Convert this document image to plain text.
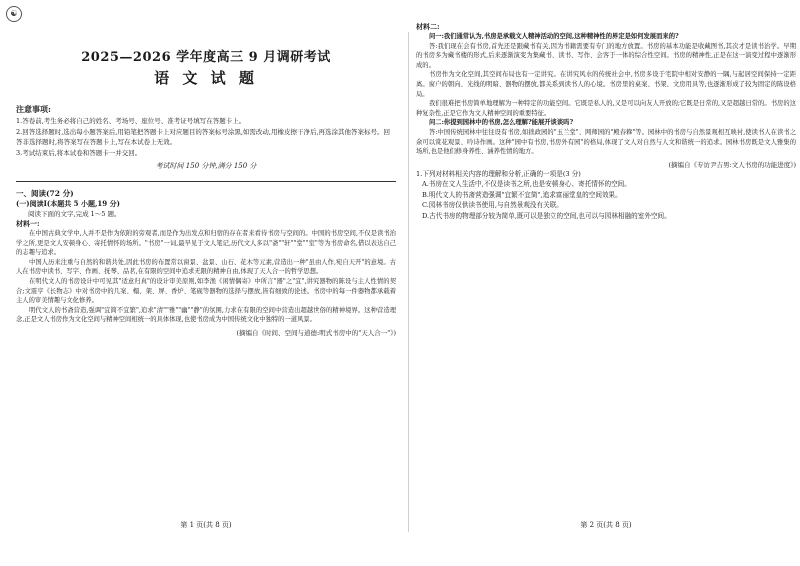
☯
2025—2026 学年度高三 9 月调研考试
语 文 试 题
注意事项:
1.答卷前,考生务必将自己的姓名、考场号、座位号、准考证号填写在答题卡上。
2.回答选择题时,选出每小题答案后,用铅笔把答题卡上对应题目的答案标号涂黑,如需改动,用橡皮擦干净后,再选涂其他答案标号。回答非选择题时,将答案写在答题卡上,写在本试卷上无效。
3.考试结束后,将本试卷和答题卡一并交回。
考试时间 150 分钟,满分 150 分
一、阅读(72 分)
(一)阅读Ⅰ(本题共 5 小题,19 分)
阅读下面的文字,完成 1～5 题。
材料一:

在中国古典文学中,人并不是作为依附的旁观者,而是作为出发点和归宿的存在者来看待书房与空间的。中国的书房空间,不仅是读书治学之所,更是文人安顿身心、寄托情怀的场所。"书房"一词,最早见于文人笔记,历代文人多以"斋""轩""堂""室"等为书房命名,借以表达自己的志趣与追求。

中国人历来注重与自然的和谐共处,因此书房的布置常以窗景、盆景、山石、花木等元素,营造出一种"虽由人作,宛自天开"的意境。古人在书房中读书、写字、作画、抚琴、品茗,在有限的空间中追求无限的精神自由,体现了天人合一的哲学思想。

在明代文人的书房设计中可见其"适意归真"的设计审美原则,如李渔《闲情偶寄》中所言"器"之"宜",讲究器物的陈设与主人性情的契合;文震亨《长物志》中对书房中的几案、榻、架、屏、香炉、笔砚等器物的选择与摆放,皆有细致的论述。书房中的每一件器物都承载着主人的审美情趣与文化修养。

明代文人的书斋营造,强调"宜简不宜繁",追求"清""雅""幽""静"的氛围,力求在有限的空间中营造出超越世俗的精神境界。这种营造理念,正是文人书房作为文化空间与精神空间相统一的具体体现,也使书房成为中国传统文化中独特的一道风景。

(摘编自《时间、空间与道德:明式书房中的"天人合一"》)
材料二:

问一:我们通常认为,书房是承载文人精神活动的空间,这种精神性的界定是如何发展而来的?

答:我们现在会有书房,首先还是跟藏书有关,因为书籍需要有专门的地方放置。书房的基本功能是收藏图书,其次才是读书治学。早期的书房多为藏书楼的形式,后来逐渐演变为集藏书、读书、写作、会客于一体的综合性空间。书房的精神性,正是在这一演变过程中逐渐形成的。

书房作为文化空间,其空间布局也有一定讲究。在讲究风水的传统社会中,书房多设于宅院中相对安静的一隅,与起居空间保持一定距离。窗户的朝向、光线的明暗、器物的摆放,都关系到读书人的心境。书房里的桌案、书架、文房用具等,也逐渐形成了较为固定的陈设格局。

我们很难把书房简单地理解为一种特定的功能空间。它既是私人的,又是可以向友人开放的;它既是日常的,又是超越日常的。书房的这种复杂性,正是它作为文人精神空间的重要特征。

问二:你提到园林中的书房,怎么理解?能展开谈谈吗?

答:中国传统园林中往往设有书房,如拙政园的"玉兰堂"、网师园的"殿春簃"等。园林中的书房与自然景观相互映衬,使读书人在读书之余可以赏花观景、吟诗作画。这种"园中有书房,书房外有园"的格局,体现了文人对自然与人文和谐统一的追求。园林书房既是文人雅集的场所,也是他们修身养性、涵养性情的地方。

(摘编自《专访尹吉男:文人书房的功能进度》)

1.下列对材料相关内容的理解和分析,正确的一项是(3 分)

A.书房在文人生活中,不仅是读书之所,也是安顿身心、寄托情怀的空间。

B.明代文人的书斋营造强调"宜繁不宜简",追求富丽堂皇的空间效果。

C.园林书房仅供读书使用,与自然景观没有关联。

D.古代书房的物理部分较为简单,既可以是独立的空间,也可以与园林相融的室外空间。

第 1 页(共 8 页)	第 2 页(共 8 页)
